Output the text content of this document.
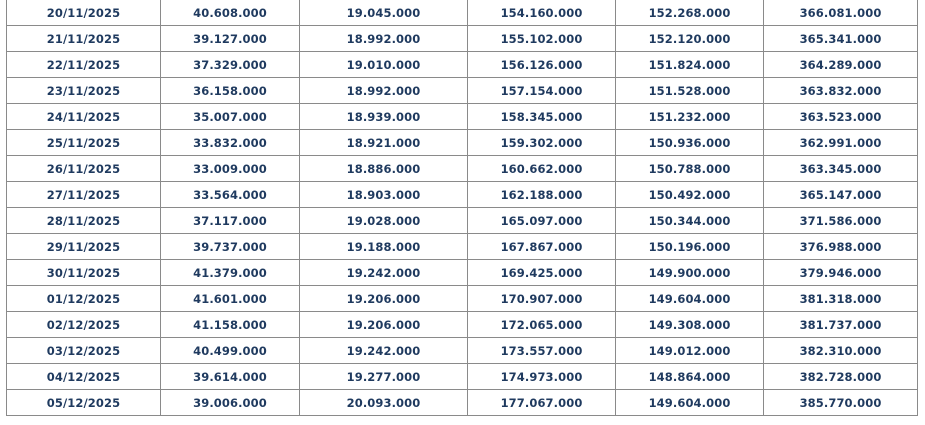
20/11/2025	40.608.000	19.045.000	154.160.000	152.268.000	366.081.000
21/11/2025	39.127.000	18.992.000	155.102.000	152.120.000	365.341.000
22/11/2025	37.329.000	19.010.000	156.126.000	151.824.000	364.289.000
23/11/2025	36.158.000	18.992.000	157.154.000	151.528.000	363.832.000
24/11/2025	35.007.000	18.939.000	158.345.000	151.232.000	363.523.000
25/11/2025	33.832.000	18.921.000	159.302.000	150.936.000	362.991.000
26/11/2025	33.009.000	18.886.000	160.662.000	150.788.000	363.345.000
27/11/2025	33.564.000	18.903.000	162.188.000	150.492.000	365.147.000
28/11/2025	37.117.000	19.028.000	165.097.000	150.344.000	371.586.000
29/11/2025	39.737.000	19.188.000	167.867.000	150.196.000	376.988.000
30/11/2025	41.379.000	19.242.000	169.425.000	149.900.000	379.946.000
01/12/2025	41.601.000	19.206.000	170.907.000	149.604.000	381.318.000
02/12/2025	41.158.000	19.206.000	172.065.000	149.308.000	381.737.000
03/12/2025	40.499.000	19.242.000	173.557.000	149.012.000	382.310.000
04/12/2025	39.614.000	19.277.000	174.973.000	148.864.000	382.728.000
05/12/2025	39.006.000	20.093.000	177.067.000	149.604.000	385.770.000
